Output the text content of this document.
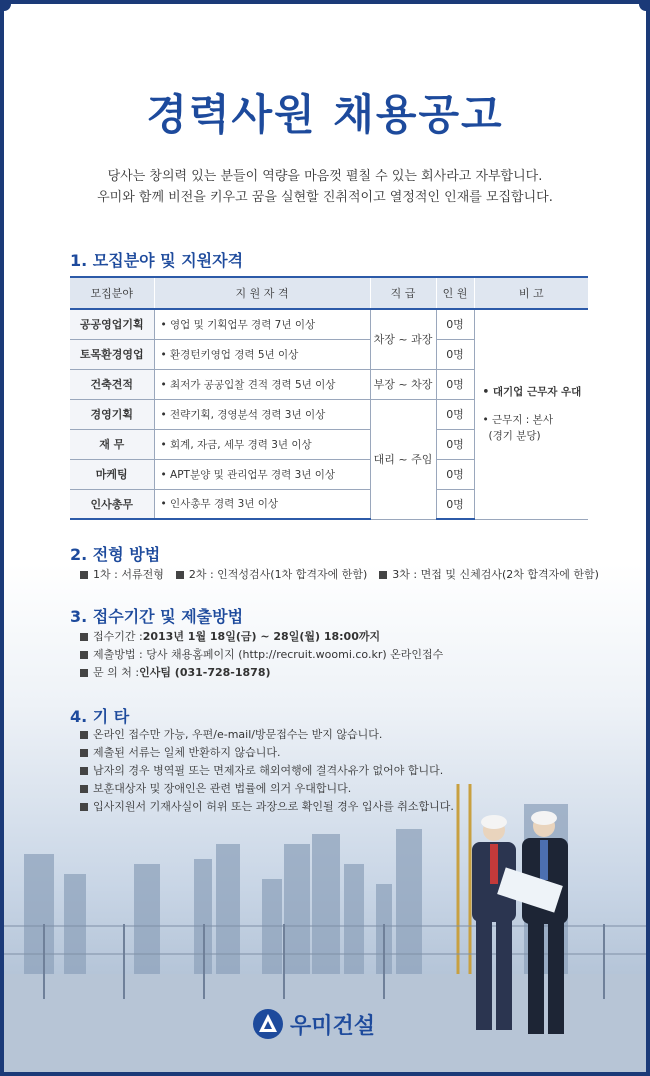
경력사원 채용공고
당사는 창의력 있는 분들이 역량을 마음껏 펼칠 수 있는 회사라고 자부합니다.
우미와 함께 비전을 키우고 꿈을 실현할 진취적이고 열정적인 인재를 모집합니다.
1. 모집분야 및 지원자격
모집분야	지 원 자 격	직 급	인 원	비 고
공공영업기획	• 영업 및 기획업무 경력 7년 이상	차장 ~ 과장	0명	• 대기업 근무자 우대
• 근무지 : 본사
(경기 분당)

토목환경영업	• 환경턴키영업 경력 5년 이상		0명	
건축견적	• 최저가 공공입찰 견적 경력 5년 이상	부장 ~ 차장	0명	
경영기획	• 전략기획, 경영분석 경력 3년 이상	대리 ~ 주임	0명	
재 무	• 회계, 자금, 세무 경력 3년 이상		0명	
마케팅	• APT분양 및 관리업무 경력 3년 이상		0명	
인사총무	• 인사총무 경력 3년 이상		0명	
2. 전형 방법
1차 : 서류전형 2차 : 인적성검사(1차 합격자에 한함) 3차 : 면접 및 신체검사(2차 합격자에 한함)
3. 접수기간 및 제출방법
접수기간 : 2013년 1월 18일(금) ~ 28일(월) 18:00까지
제출방법 : 당사 채용홈페이지 (http://recruit.woomi.co.kr) 온라인접수
문 의 처 : 인사팀 (031-728-1878)
4. 기 타
온라인 접수만 가능, 우편/e-mail/방문접수는 받지 않습니다.
제출된 서류는 일체 반환하지 않습니다.
남자의 경우 병역필 또는 면제자로 해외여행에 결격사유가 없어야 합니다.
보훈대상자 및 장애인은 관련 법률에 의거 우대합니다.
입사지원서 기재사실이 허위 또는 과장으로 확인될 경우 입사를 취소합니다.
우미건설
